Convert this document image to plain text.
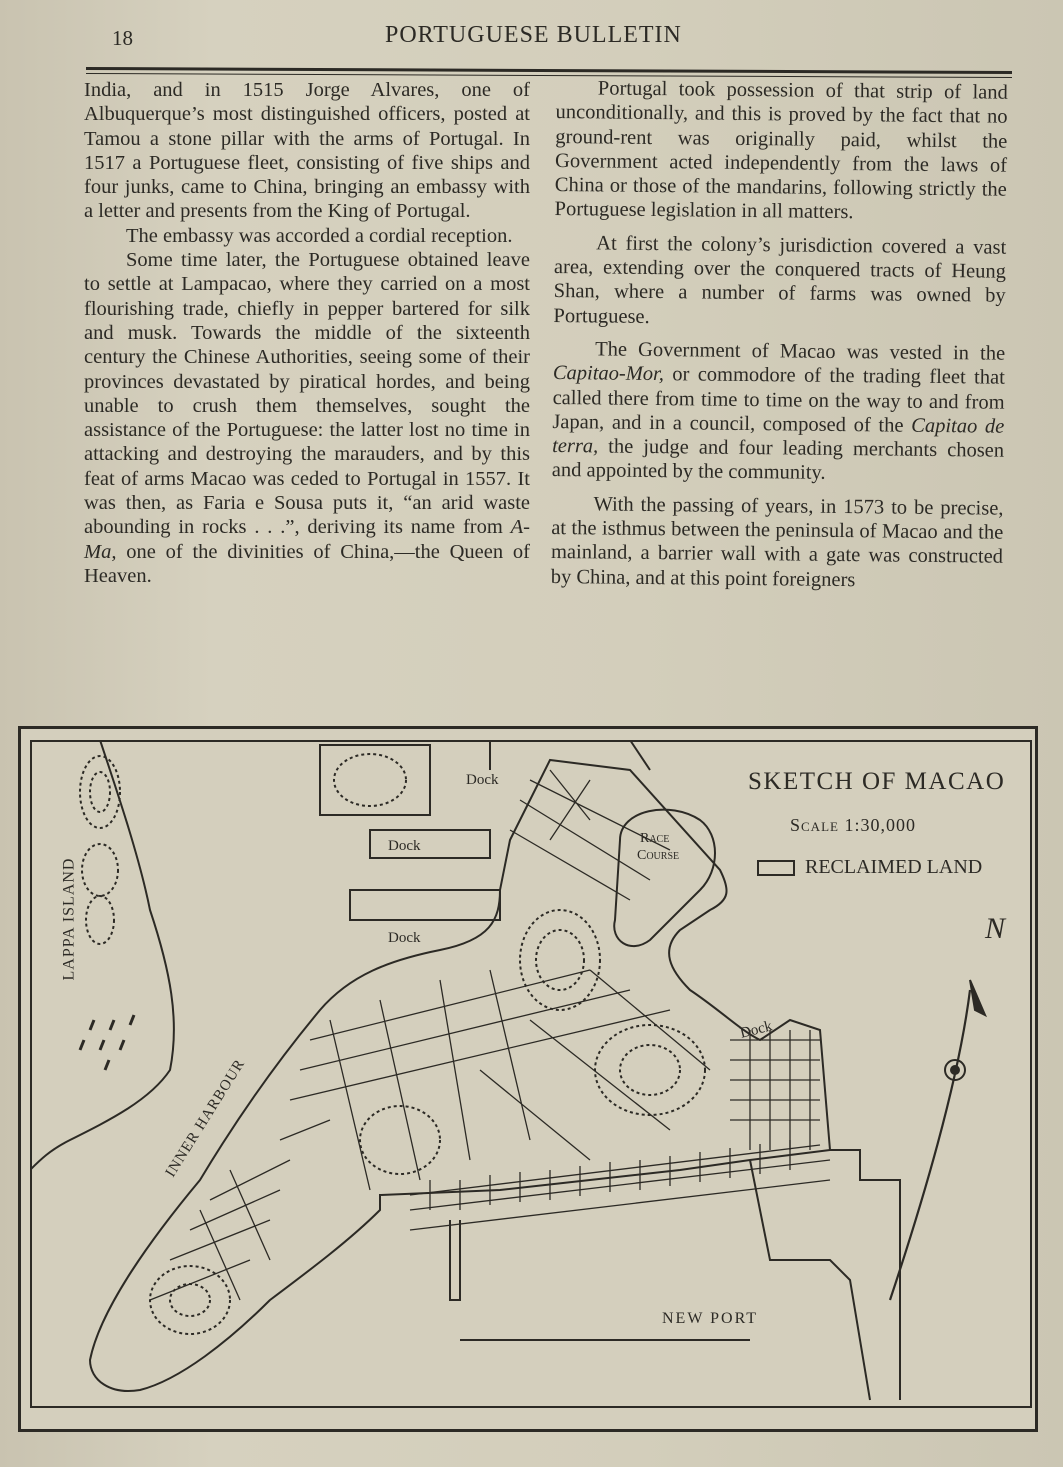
18	PORTUGUESE BULLETIN

India, and in 1515 Jorge Alvares, one of Albuquerque’s most distinguished officers, posted at Tamou a stone pillar with the arms of Portugal. In 1517 a Portuguese fleet, consisting of five ships and four junks, came to China, bringing an embassy with a letter and presents from the King of Portugal.

The embassy was accorded a cordial reception.

Some time later, the Portuguese obtained leave to settle at Lampacao, where they carried on a most flourishing trade, chiefly in pepper bartered for silk and musk. Towards the middle of the sixteenth century the Chinese Authorities, seeing some of their provinces devastated by piratical hordes, and being unable to crush them themselves, sought the assistance of the Portuguese: the latter lost no time in attacking and destroying the marauders, and by this feat of arms Macao was ceded to Portugal in 1557. It was then, as Faria e Sousa puts it, “an arid waste abounding in rocks . . .”, deriving its name from A-Ma, one of the divinities of China,—the Queen of Heaven.

Portugal took possession of that strip of land unconditionally, and this is proved by the fact that no ground-rent was originally paid, whilst the Government acted independently from the laws of China or those of the mandarins, following strictly the Portuguese legislation in all matters.

At first the colony’s jurisdiction covered a vast area, extending over the conquered tracts of Heung Shan, where a number of farms was owned by Portuguese.

The Government of Macao was vested in the Capitao-Mor, or commodore of the trading fleet that called there from time to time on the way to and from Japan, and in a council, composed of the Capitao de terra, the judge and four leading merchants chosen and appointed by the community.

With the passing of years, in 1573 to be precise, at the isthmus between the peninsula of Macao and the mainland, a barrier wall with a gate was constructed by China, and at this point foreigners

SKETCH OF MACAO
Scale 1:30,000
RECLAIMED LAND
Dock
Dock
Dock
Dock
Race
Course
LAPPA ISLAND
INNER HARBOUR
NEW PORT
N
